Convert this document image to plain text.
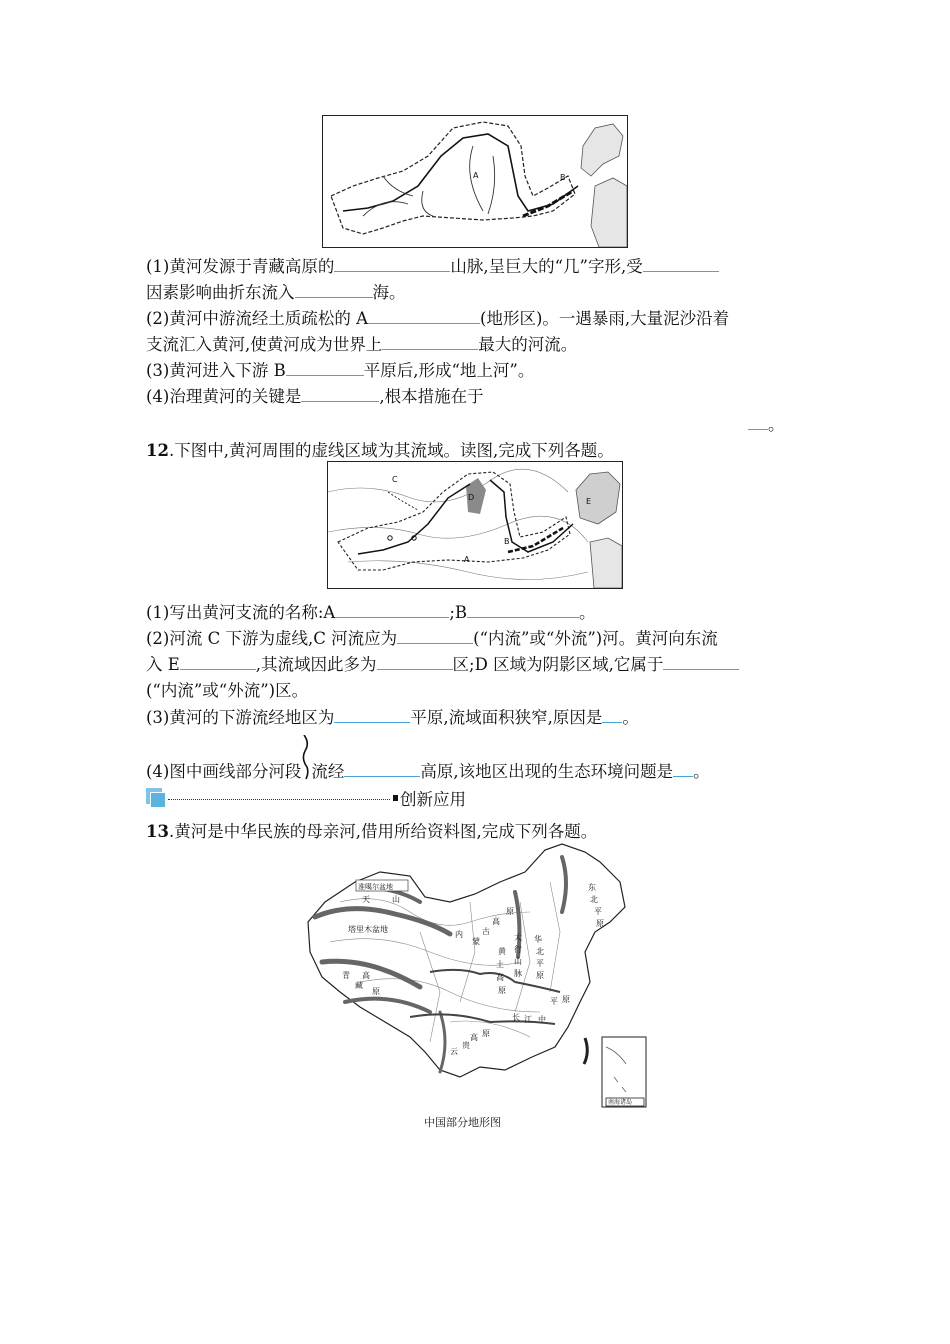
A	B
(1)黄河发源于青藏高原的	山脉,呈巨大的“几”字形,受
因素影响曲折东流入	海。
(2)黄河中游流经土质疏松的 A	(地形区)。一遇暴雨,大量泥沙沿着
支流汇入黄河,使黄河成为世界上	最大的河流。
(3)黄河进入下游 B	平原后,形成“地上河”。
(4)治理黄河的关键是	,根本措施在于
。
12.下图中,黄河周围的虚线区域为其流域。读图,完成下列各题。
C
D	E
B
A
(1)写出黄河支流的名称:A	;B	。
(2)河流 C 下游为虚线,C 河流应为	(“内流”或“外流”)河。黄河向东流
入 E	,其流域因此多为	区;D 区域为阴影区域,它属于
(“内流”或“外流”)区。
(3)黄河的下游流经地区为	平原,流域面积狭窄,原因是 。
(4)图中画线部分河段 流经	高原,该地区出现的生态环境问题是 。
创新应用
13.黄河是中华民族的母亲河,借用所给资料图,完成下列各题。
南海诸岛
准噶尔盆地
天	山
塔里木盆地
青
藏
高
原
内
蒙
古
高
原
黄
土
高
原
太
行
山
脉
华
北
平
原
东
北
平
原
云
贵
高 原
长 江 中
平 原
中国部分地形图
